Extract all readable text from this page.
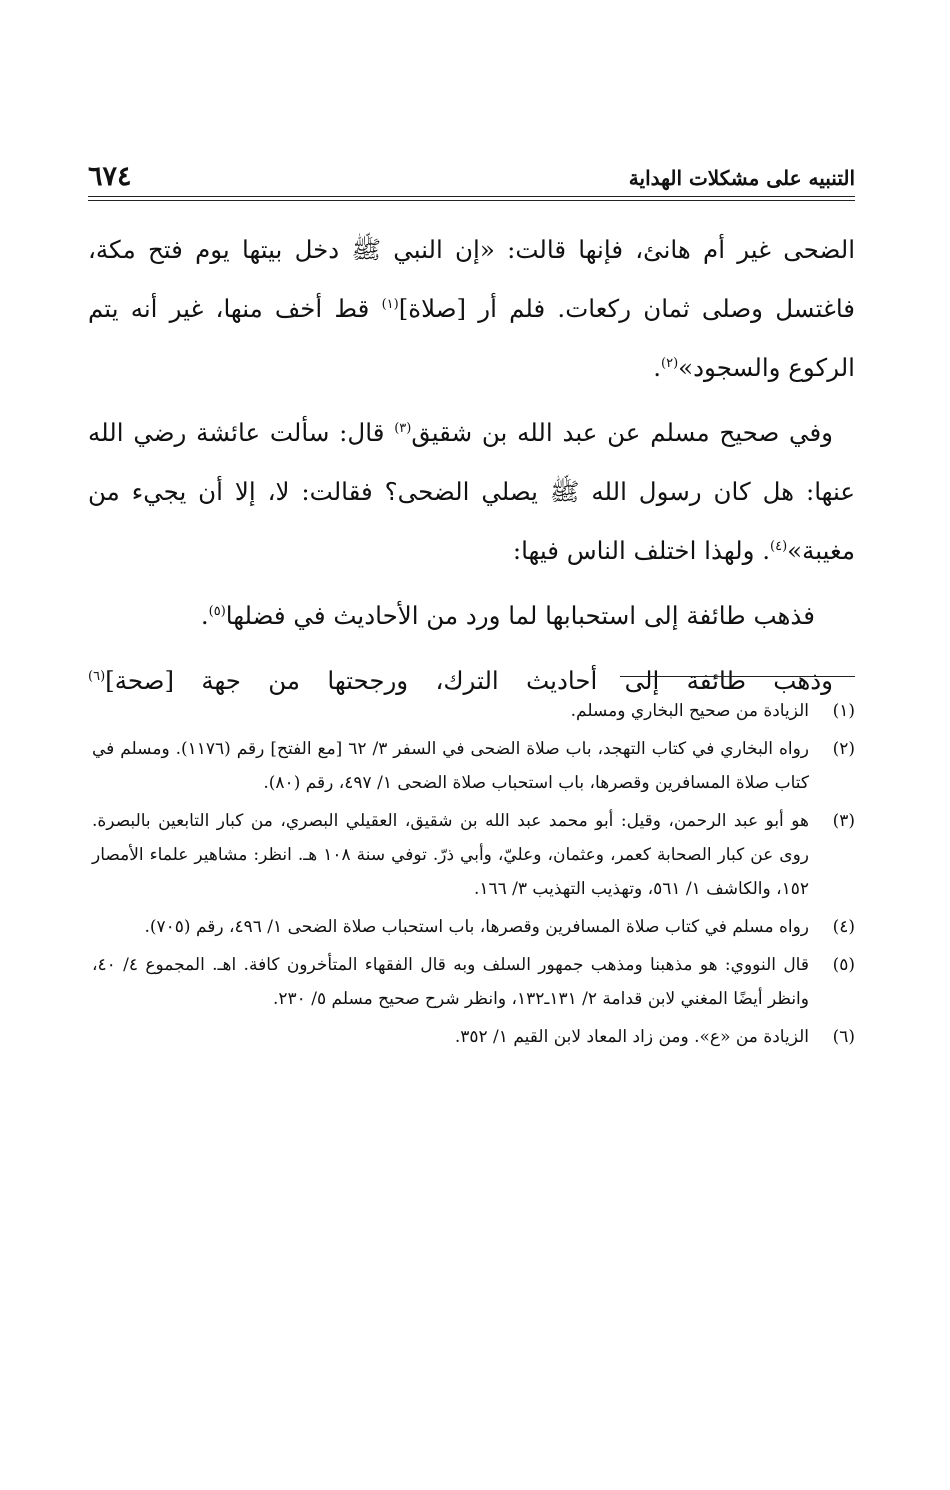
التنبيه على مشكلات الهداية
٦٧٤

الضحى غير أم هانئ، فإنها قالت: «إن النبي ﷺ دخل بيتها يوم فتح مكة، فاغتسل وصلى ثمان ركعات. فلم أر [صلاة]$^{(١)}$ قط أخف منها، غير أنه يتم الركوع والسجود»$^{(٢)}$.

وفي صحيح مسلم عن عبد الله بن شقيق$^{(٣)}$ قال: سألت عائشة رضي الله عنها: هل كان رسول الله ﷺ يصلي الضحى؟ فقالت: لا، إلا أن يجيء من مغيبة»$^{(٤)}$. ولهذا اختلف الناس فيها:

فذهب طائفة إلى استحبابها لما ورد من الأحاديث في فضلها$^{(٥)}$.

وذهب طائفة إلى أحاديث الترك، ورجحتها من جهة [صحة]$^{(٦)}$

(١)
الزيادة من صحيح البخاري ومسلم.
(٢)
رواه البخاري في كتاب التهجد، باب صلاة الضحى في السفر ٣/ ٦٢ [مع الفتح] رقم (١١٧٦). ومسلم في كتاب صلاة المسافرين وقصرها، باب استحباب صلاة الضحى ١/ ٤٩٧، رقم (٨٠).
(٣)
هو أبو عبد الرحمن، وقيل: أبو محمد عبد الله بن شقيق، العقيلي البصري، من كبار التابعين بالبصرة. روى عن كبار الصحابة كعمر، وعثمان، وعليّ، وأبي ذرّ. توفي سنة ١٠٨ هـ. انظر: مشاهير علماء الأمصار ١٥٢، والكاشف ١/ ٥٦١، وتهذيب التهذيب ٣/ ١٦٦.
(٤)
رواه مسلم في كتاب صلاة المسافرين وقصرها، باب استحباب صلاة الضحى ١/ ٤٩٦، رقم (٧٠٥).
(٥)
قال النووي: هو مذهبنا ومذهب جمهور السلف وبه قال الفقهاء المتأخرون كافة. اهـ. المجموع ٤/ ٤٠، وانظر أيضًا المغني لابن قدامة ٢/ ١٣١ـ١٣٢، وانظر شرح صحيح مسلم ٥/ ٢٣٠.
(٦)
الزيادة من «ع». ومن زاد المعاد لابن القيم ١/ ٣٥٢.
